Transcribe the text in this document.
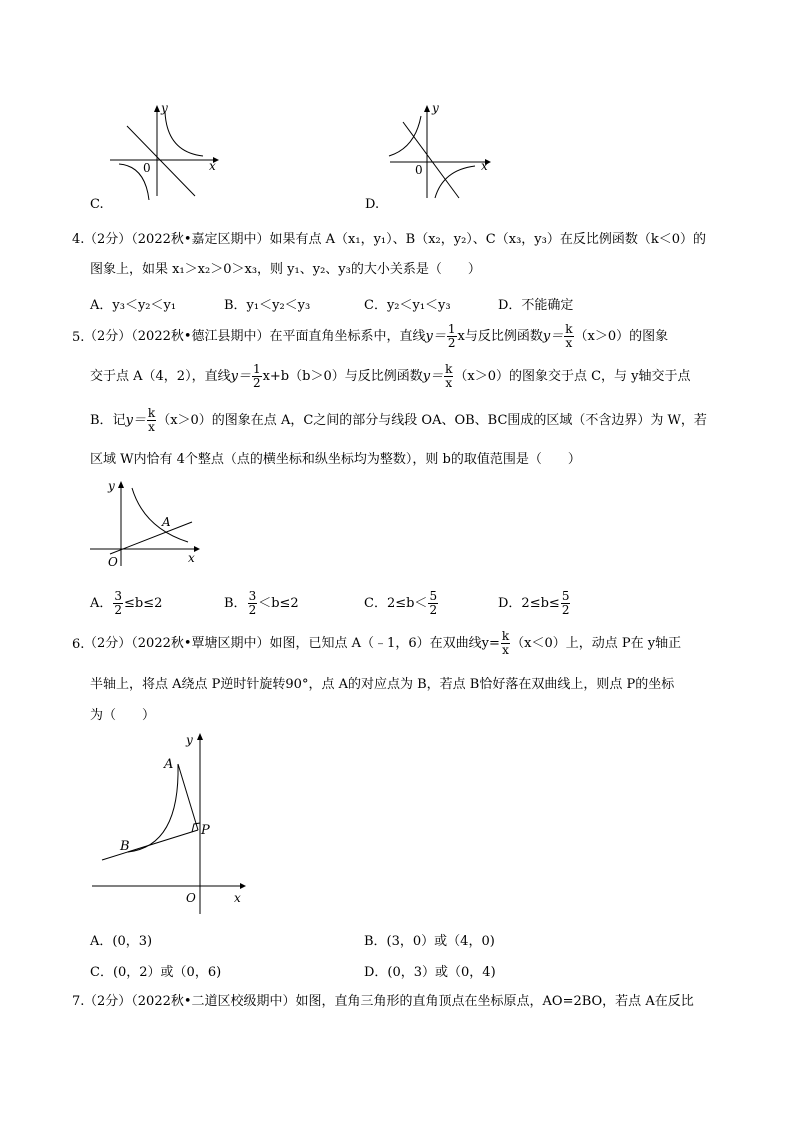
y
x
0
C.
y
x
0
D.
4. （2分）（2022秋•嘉定区期中）如果有点 A（x₁，y₁）、B（x₂，y₂）、C（x₃，y₃）在反比例函数（k＜0）的
图象上，如果 x₁＞x₂＞0＞x₃，则 y₁、y₂、y₃的大小关系是（　　）
A．y₃＜y₂＜y₁	B．y₁＜y₂＜y₃	C．y₂＜y₁＜y₃	D．不能确定
5. （2分）（2022秋•德江县期中）在平面直角坐标系中，直线$y= \frac{1}{2}$ x与反比例函数$y= \frac{k}{x} (x>0)$的图象
交于点 A（4，2），直线$y= \frac{1}{2} x+b(b>0)$与反比例函数$y= \frac{k}{x} (x>0)$的图象交于点 C，与 y轴交于点
B．记$y= \frac{k}{x} (x>0)$的图象在点 A，C之间的部分与线段 OA、OB、BC围成的区域（不含边界）为 W，若
区域 W内恰有 4个整点（点的横坐标和纵坐标均为整数），则 b的取值范围是（　　）
y
A
O	x
A． $\frac{3}{2} \le b\le 2$	B． $\frac{3}{2} <b\le 2$	C．$2\le b< \frac{5}{2}$	D．$2\le b\le \frac{5}{2}$
6. （2分）（2022秋•覃塘区期中）如图，已知点 A（﹣1，6）在双曲线$y= \frac{k}{x} (x<0)$上，动点 P在 y轴正
半轴上，将点 A绕点 P逆时针旋转90°，点 A的对应点为 B，若点 B恰好落在双曲线上，则点 P的坐标
为（　　）
y
A
P
B
O	x
A．(0，3)	B．(3，0）或（4，0)
C．(0，2）或（0，6)	D．(0，3）或（0，4)
7. （2分）（2022秋•二道区校级期中）如图，直角三角形的直角顶点在坐标原点，AO=2BO，若点 A在反比
